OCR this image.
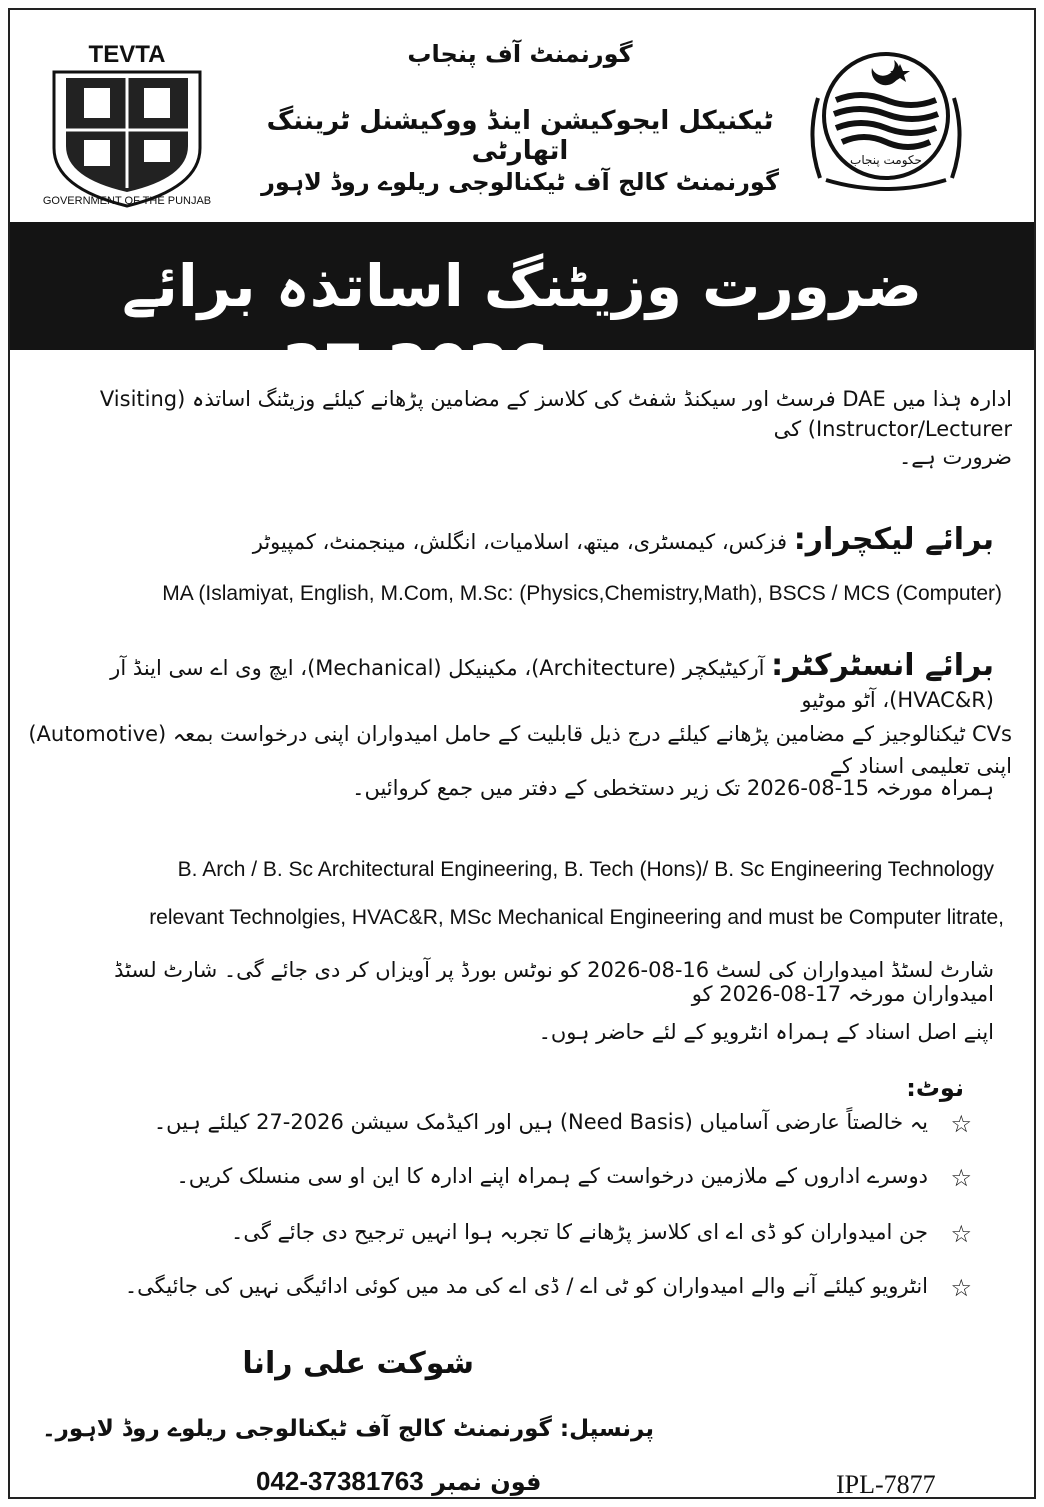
TEVTA
GOVERNMENT OF THE PUNJAB
حکومت پنجاب
گورنمنٹ آف پنجاب
ٹیکنیکل ایجوکیشن اینڈ ووکیشنل ٹریننگ اتھارٹی
گورنمنٹ کالج آف ٹیکنالوجی ریلوے روڈ لاہور
ضرورت وزیٹنگ اساتذہ برائے سیشن 2026-27
ادارہ ہٰذا میں DAE فرسٹ اور سیکنڈ شفٹ کی کلاسز کے مضامین پڑھانے کیلئے وزیٹنگ اساتذہ (Visiting Instructor/Lecturer) کی
ضرورت ہے۔
برائے لیکچرار: فزکس، کیمسٹری، میتھ، اسلامیات، انگلش، مینجمنٹ، کمپیوٹر
MA (Islamiyat, English, M.Com, M.Sc: (Physics,Chemistry,Math), BSCS / MCS (Computer)
برائے انسٹرکٹر: آرکیٹیکچر (Architecture)، مکینیکل (Mechanical)، ایچ وی اے سی اینڈ آر (HVAC&R)، آٹو موٹیو
(Automotive) ٹیکنالوجیز کے مضامین پڑھانے کیلئے درج ذیل قابلیت کے حامل امیدواران اپنی درخواست بمعہ CVs اپنی تعلیمی اسناد کے
ہمراہ مورخہ 15-08-2026 تک زیر دستخطی کے دفتر میں جمع کروائیں۔
B. Arch / B. Sc Architectural Engineering, B. Tech (Hons)/ B. Sc Engineering Technology
relevant Technolgies, HVAC&R, MSc Mechanical Engineering and must be Computer litrate,
شارٹ لسٹڈ امیدواران کی لسٹ 16-08-2026 کو نوٹس بورڈ پر آویزاں کر دی جائے گی۔ شارٹ لسٹڈ امیدواران مورخہ 17-08-2026 کو
اپنے اصل اسناد کے ہمراہ انٹرویو کے لئے حاضر ہوں۔
نوٹ:
☆
یہ خالصتاً عارضی آسامیاں (Need Basis) ہیں اور اکیڈمک سیشن 2026-27 کیلئے ہیں۔
☆
دوسرے اداروں کے ملازمین درخواست کے ہمراہ اپنے ادارہ کا این او سی منسلک کریں۔
☆
جن امیدواران کو ڈی اے ای کلاسز پڑھانے کا تجربہ ہوا انہیں ترجیح دی جائے گی۔
☆
انٹرویو کیلئے آنے والے امیدواران کو ٹی اے / ڈی اے کی مد میں کوئی ادائیگی نہیں کی جائیگی۔
شوکت علی رانا
پرنسپل: گورنمنٹ کالج آف ٹیکنالوجی ریلوے روڈ لاہور۔
042-37381763 فون نمبر	IPL-7877
